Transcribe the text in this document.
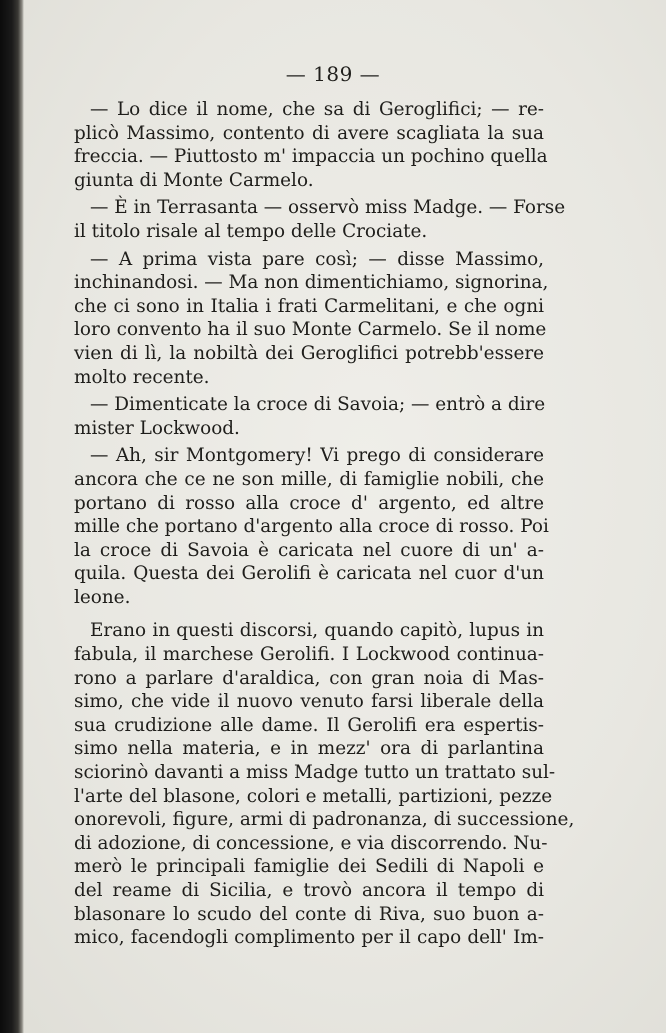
— 189 —
— Lo dice il nome, che sa di Geroglifici; — re-
plicò Massimo, contento di avere scagliata la sua
freccia. — Piuttosto m' impaccia un pochino quella
giunta di Monte Carmelo.
— È in Terrasanta — osservò miss Madge. — Forse
il titolo risale al tempo delle Crociate.
— A prima vista pare così; — disse Massimo,
inchinandosi. — Ma non dimentichiamo, signorina,
che ci sono in Italia i frati Carmelitani, e che ogni
loro convento ha il suo Monte Carmelo. Se il nome
vien di lì, la nobiltà dei Geroglifici potrebb'essere
molto recente.
— Dimenticate la croce di Savoia; — entrò a dire
mister Lockwood.
— Ah, sir Montgomery! Vi prego di considerare
ancora che ce ne son mille, di famiglie nobili, che
portano di rosso alla croce d' argento, ed altre
mille che portano d'argento alla croce di rosso. Poi
la croce di Savoia è caricata nel cuore di un' a-
quila. Questa dei Gerolifi è caricata nel cuor d'un
leone.
Erano in questi discorsi, quando capitò, lupus in
fabula, il marchese Gerolifi. I Lockwood continua-
rono a parlare d'araldica, con gran noia di Mas-
simo, che vide il nuovo venuto farsi liberale della
sua crudizione alle dame. Il Gerolifi era espertis-
simo nella materia, e in mezz' ora di parlantina
sciorinò davanti a miss Madge tutto un trattato sul-
l'arte del blasone, colori e metalli, partizioni, pezze
onorevoli, figure, armi di padronanza, di successione,
di adozione, di concessione, e via discorrendo. Nu-
merò le principali famiglie dei Sedili di Napoli e
del reame di Sicilia, e trovò ancora il tempo di
blasonare lo scudo del conte di Riva, suo buon a-
mico, facendogli complimento per il capo dell' Im-
